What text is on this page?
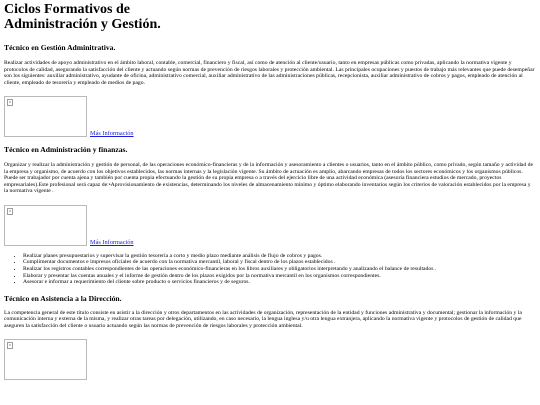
Ciclos Formativos de
Administración y Gestión.
Técnico en Gestión Adminitrativa.

Realizar actividades de apoyo administrativo en el ámbito laboral, contable, comercial, financiero y fiscal, así como de atención al cliente/usuario, tanto en empresas públicas como privadas, aplicando la normativa vigente y protocolos de calidad, asegurando la satisfacción del cliente y actuando según normas de prevención de riesgos laborales y protección ambiental. Las principales ocupaciones y puestos de trabajo más relevantes que puede desempeñar son los siguientes: auxiliar administrativo, ayudante de oficina, administrativo comercial, auxiliar administrativo de las administraciones públicas, recepcionista, auxiliar administrativo de cobros y pagos, empleado de atención al cliente, empleado de tesorería y empleado de medios de pago.

Más Información
Técnico en Administración y finanzas.

Organizar y realizar la administración y gestión de personal, de las operaciones económico-financieras y de la información y asesoramiento a clientes o usuarios, tanto en el ámbito público, como privado, según tamaño y actividad de la empresa y organismo, de acuerdo con los objetivos establecidos, las normas internas y la legislación vigente. Su ámbito de actuación es amplio, abarcando empresas de todos los sectores económicos y los organismos públicos. Puede ser trabajador por cuenta ajena y también por cuenta propia efectuando la gestión de su propia empresa o a través del ejercicio libre de una actividad económica (asesoría financiera estudios de mercado, proyectos empresariales).Este profesional será capaz de:•Aprovisionamiento de existencias, determinando los niveles de almacenamiento mínimo y óptimo elaborando inventarios según los criterios de valoración establecidos por la empresa y la normativa vigente .

Más Información
• Realizar planes presupuestarios y supervisar la gestión tesorería a corto y medio plazo mediante análisis de flujo de cobros y pagos.
• Cumplimentar documentos e impresos oficiales de acuerdo con la normativa mercantil, laboral y fiscal dentro de los plazos establecidos .
• Realizar los registros contables correspondientes de las operaciones económico-financieras en los libros auxiliares y obligatorios interpretando y analizando el balance de resultados .
• Elaborar y presentar las cuentas anuales y el informe de gestión dentro de los plazos exigidos por la normativa mercantil en los organismos correspondientes.
• Asesorar e informar a requerimiento del cliente sobre producto o servicios financieros y de seguros.
Técnico en Asistencia a la Dirección.

La competencia general de este título consiste en asistir a la dirección y otros departamentos en las actividades de organización, representación de la entidad y funciones administrativa y documental; gestionar la información y la comunicación interna y externa de la misma, y realizar otras tareas por delegación, utilizando, en caso necesario, la lengua inglesa y/u otra lengua extranjera, aplicando la normativa vigente y protocolos de gestión de calidad que aseguren la satisfacción del cliente o usuario actuando según las normas de prevención de riesgos laborales y protección ambiental.
